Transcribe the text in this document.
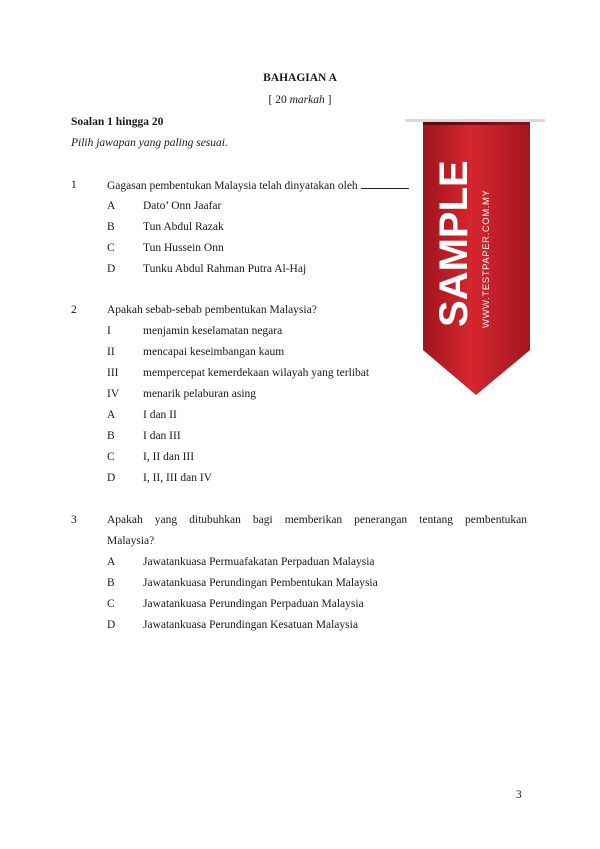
BAHAGIAN A
[ 20 markah ]
Soalan 1 hingga 20
Pilih jawapan yang paling sesuai.
1	Gagasan pembentukan Malaysia telah dinyatakan oleh
A Dato’ Onn Jaafar
B Tun Abdul Razak
C Tun Hussein Onn
D Tunku Abdul Rahman Putra Al-Haj
2	Apakah sebab-sebab pembentukan Malaysia?
I	menjamin keselamatan negara
II mencapai keseimbangan kaum
III mempercepat kemerdekaan wilayah yang terlibat
IV menarik pelaburan asing
A I dan II
B I dan III
C I, II dan III
D I, II, III dan IV
3	Apakah yang ditubuhkan bagi memberikan penerangan tentang pembentukan
Malaysia?
A Jawatankuasa Permuafakatan Perpaduan Malaysia
B Jawatankuasa Perundingan Pembentukan Malaysia
C Jawatankuasa Perundingan Perpaduan Malaysia
D Jawatankuasa Perundingan Kesatuan Malaysia
SAMPLE WWW.TESTPAPER.COM.MY
3
